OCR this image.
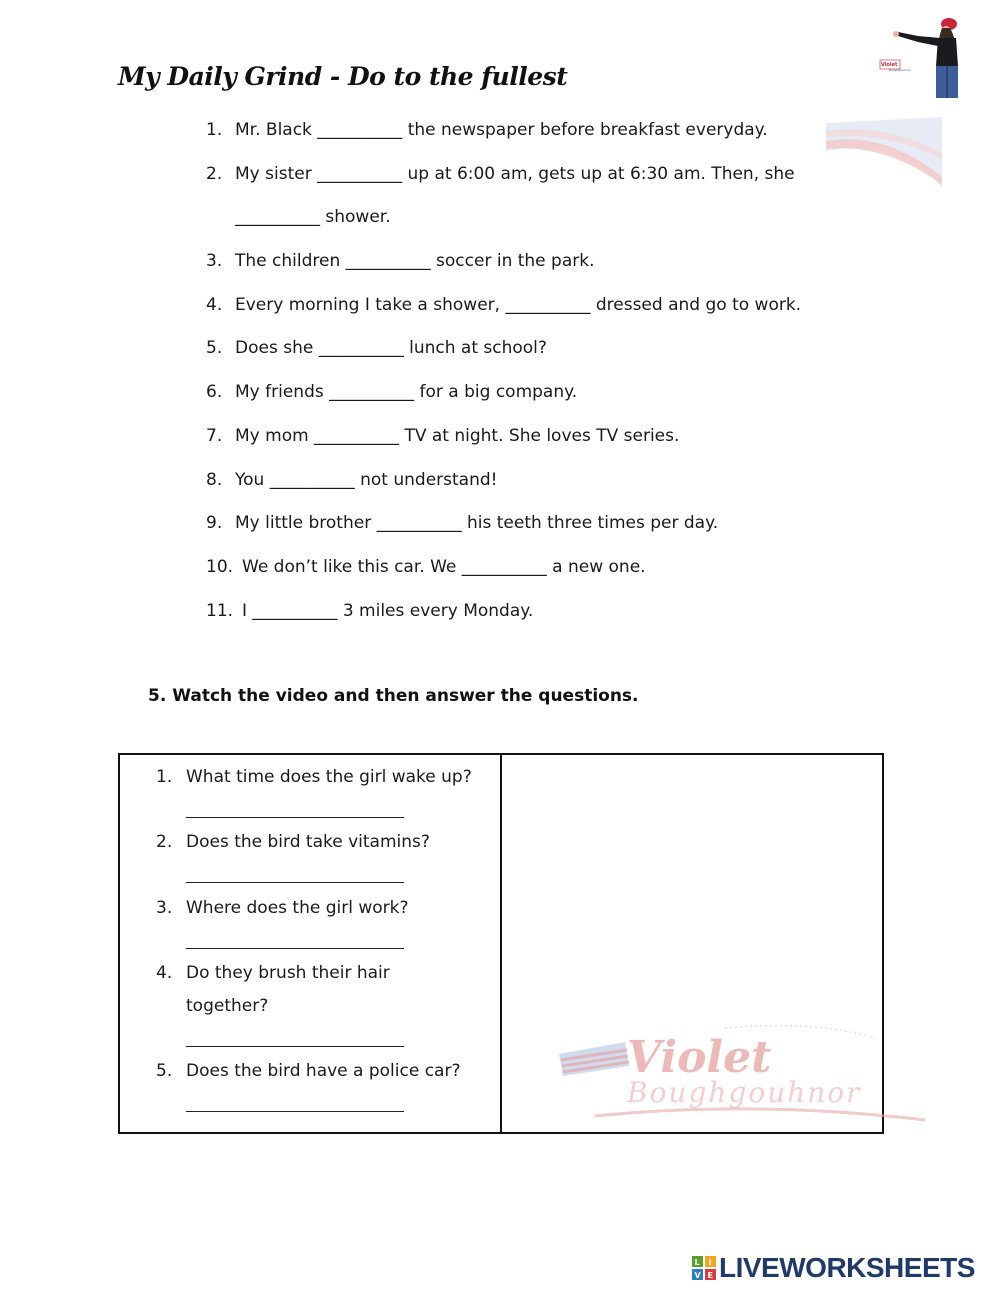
My Daily Grind - Do to the fullest	Violet
Boughgouhnor
1. Mr. Black __________ the newspaper before breakfast everyday.
2. My sister __________ up at 6:00 am, gets up at 6:30 am. Then, she
__________ shower.
3. The children __________ soccer in the park.
4. Every morning I take a shower, __________ dressed and go to work.
5. Does she __________ lunch at school?
6. My friends __________ for a big company.
7. My mom __________ TV at night. She loves TV series.
8. You __________ not understand!
9. My little brother __________ his teeth three times per day.
10. We don’t like this car. We __________ a new one.
11. I __________ 3 miles every Monday.
5. Watch the video and then answer the questions.
1. What time does the girl wake up?
2. Does the bird take vitamins?
3. Where does the girl work?
4. Do they brush their hair
together?
5. Does the bird have a police car?	Violet
Boughgouhnor
L I
V E LIVEWORKSHEETS
